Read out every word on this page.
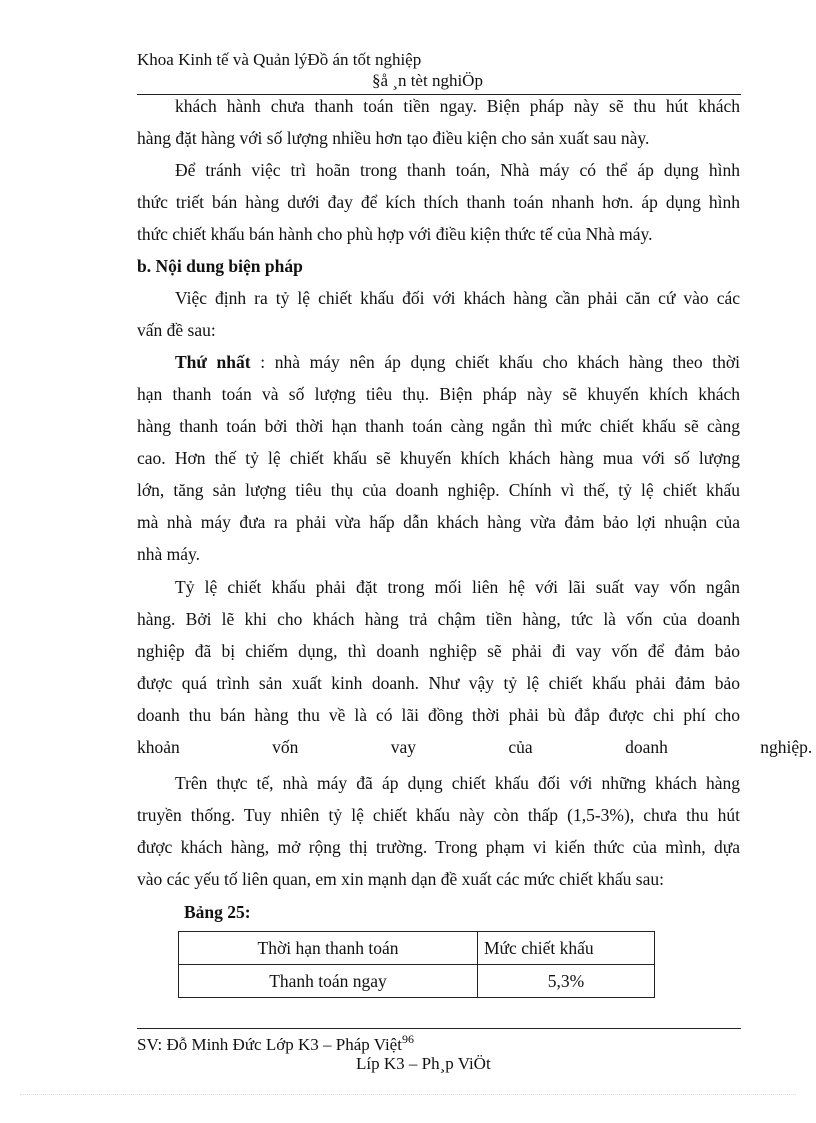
Khoa Kinh tế và Quản lýĐồ án tốt nghiệp
§å ¸n tèt nghiÖp
khách hành chưa thanh toán tiền ngay. Biện pháp này sẽ thu hút khách
hàng đặt hàng với số lượng nhiều hơn tạo điều kiện cho sản xuất sau này.
Để tránh việc trì hoãn trong thanh toán, Nhà máy có thể áp dụng hình
thức triết bán hàng dưới đay để kích thích thanh toán nhanh hơn. áp dụng hình
thức chiết khấu bán hành cho phù hợp với điều kiện thức tế của Nhà máy.
b. Nội dung biện pháp
Việc định ra tỷ lệ chiết khấu đối với khách hàng cần phải căn cứ vào các
vấn đề sau:
Thứ nhất : nhà máy nên áp dụng chiết khấu cho khách hàng theo thời
hạn thanh toán và số lượng tiêu thụ. Biện pháp này sẽ khuyến khích khách
hàng thanh toán bởi thời hạn thanh toán càng ngắn thì mức chiết khấu sẽ càng
cao. Hơn thế tỷ lệ chiết khấu sẽ khuyến khích khách hàng mua với số lượng
lớn, tăng sản lượng tiêu thụ của doanh nghiệp. Chính vì thế, tỷ lệ chiết khấu
mà nhà máy đưa ra phải vừa hấp dẫn khách hàng vừa đảm bảo lợi nhuận của
nhà máy.
Tỷ lệ chiết khấu phải đặt trong mối liên hệ với lãi suất vay vốn ngân
hàng. Bởi lẽ khi cho khách hàng trả chậm tiền hàng, tức là vốn của doanh
nghiệp đã bị chiếm dụng, thì doanh nghiệp sẽ phải đi vay vốn để đảm bảo
được quá trình sản xuất kinh doanh. Như vậy tỷ lệ chiết khấu phải đảm bảo
doanh thu bán hàng thu về là có lãi đồng thời phải bù đắp được chi phí cho
khoản vốn vay của doanh nghiệp.
Trên thực tế, nhà máy đã áp dụng chiết khấu đối với những khách hàng
truyền thống. Tuy nhiên tỷ lệ chiết khấu này còn thấp (1,5-3%), chưa thu hút
được khách hàng, mở rộng thị trường. Trong phạm vi kiến thức của mình, dựa
vào các yếu tố liên quan, em xin mạnh dạn đề xuất các mức chiết khấu sau:
Bảng 25:
Thời hạn thanh toán	Mức chiết khấu
Thanh toán ngay	5,3%
SV: Đỗ Minh Đức Lớp K3 – Pháp Việt$^{96}$
Líp K3 – Ph¸p ViÖt
